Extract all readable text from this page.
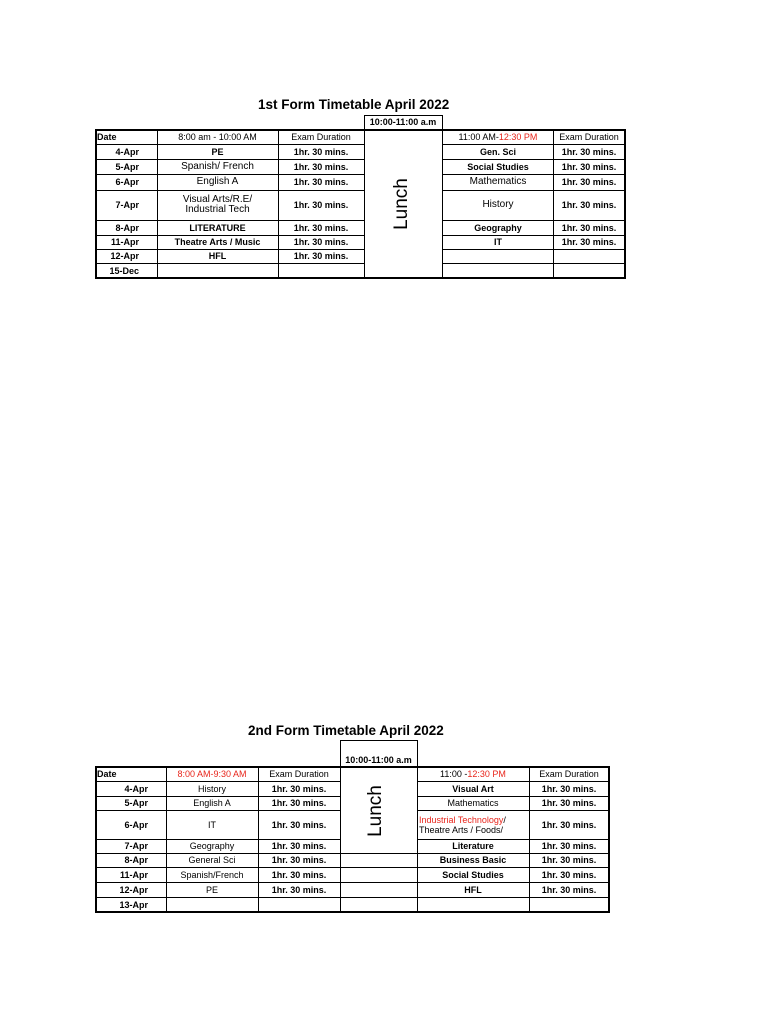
1st Form Timetable April 2022
10:00-11:00 a.m
Date	8:00 am - 10:00 AM	Exam Duration	11:00 AM- 12:30 PM	Exam Duration
4-Apr	PE	1hr. 30 mins.	Gen. Sci	1hr. 30 mins.
5-Apr	Spanish/ French	1hr. 30 mins.	Social Studies	1hr. 30 mins.
6-Apr	English A	1hr. 30 mins.	Mathematics	1hr. 30 mins.
7-Apr	Visual Arts/R.E/
Industrial Tech	1hr. 30 mins.	History	1hr. 30 mins.
8-Apr	LITERATURE	1hr. 30 mins.	Geography	1hr. 30 mins.
11-Apr	Theatre Arts / Music	1hr. 30 mins.	IT	1hr. 30 mins.
12-Apr	HFL	1hr. 30 mins.
15-Dec
Lunch
2nd Form Timetable April 2022
10:00-11:00 a.m
Date	8:00 AM-9:30 AM	Exam Duration	11:00 - 12:30 PM	Exam Duration
4-Apr	History	1hr. 30 mins.	Visual Art	1hr. 30 mins.
5-Apr	English A	1hr. 30 mins.	Mathematics	1hr. 30 mins.
6-Apr	IT	1hr. 30 mins.	Industrial Technology/
Theatre Arts / Foods/	1hr. 30 mins.
7-Apr	Geography	1hr. 30 mins.	Literature	1hr. 30 mins.
8-Apr	General Sci	1hr. 30 mins.	Business Basic	1hr. 30 mins.
11-Apr	Spanish/French	1hr. 30 mins.	Social Studies	1hr. 30 mins.
12-Apr	PE	1hr. 30 mins.	HFL	1hr. 30 mins.
13-Apr
Lunch
